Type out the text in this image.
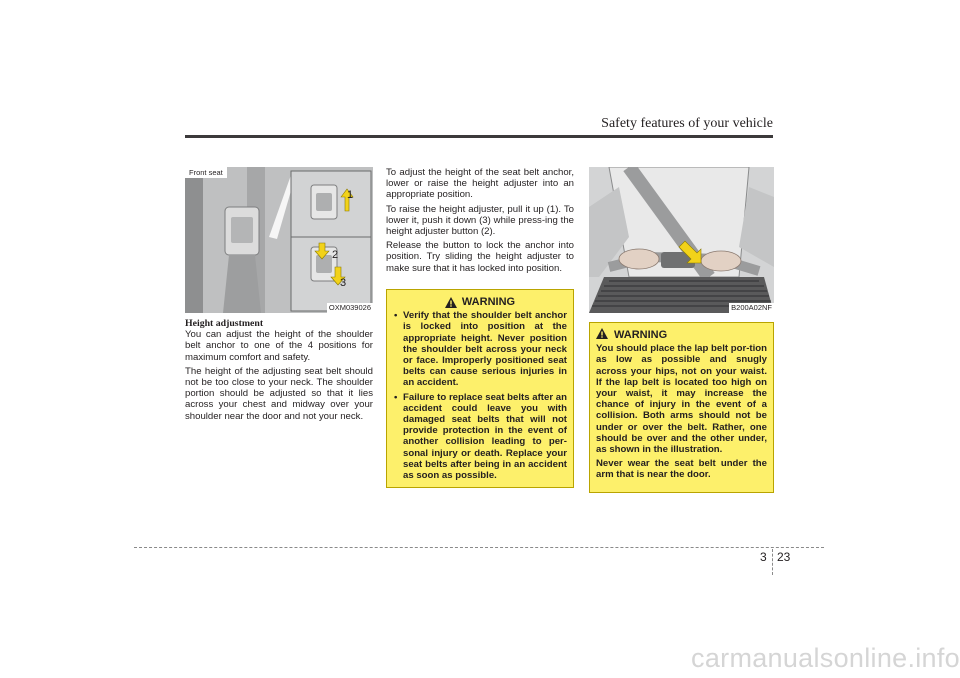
Safety features of your vehicle
Front seat
1
2
3
OXM039026
Height adjustment

You can adjust the height of the shoulder belt anchor to one of the 4 positions for maximum comfort and safety.

The height of the adjusting seat belt should not be too close to your neck. The shoulder portion should be adjusted so that it lies across your chest and midway over your shoulder near the door and not your neck.

To adjust the height of the seat belt anchor, lower or raise the height adjuster into an appropriate position.

To raise the height adjuster, pull it up (1). To lower it, push it down (3) while press-ing the height adjuster button (2).

Release the button to lock the anchor into position. Try sliding the height adjuster to make sure that it has locked into position.

WARNING
• Verify that the shoulder belt anchor is locked into position at the appropriate height. Never position the shoulder belt across your neck or face. Improperly positioned seat belts can cause serious injuries in an accident.
• Failure to replace seat belts after an accident could leave you with damaged seat belts that will not provide protection in the event of another collision leading to per-sonal injury or death. Replace your seat belts after being in an accident as soon as possible.
B200A02NF
WARNING

You should place the lap belt por-tion as low as possible and snugly across your hips, not on your waist. If the lap belt is located too high on your waist, it may increase the chance of injury in the event of a collision. Both arms should not be under or over the belt. Rather, one should be over and the other under, as shown in the illustration.

Never wear the seat belt under the arm that is near the door.

3 23
carmanualsonline.info
